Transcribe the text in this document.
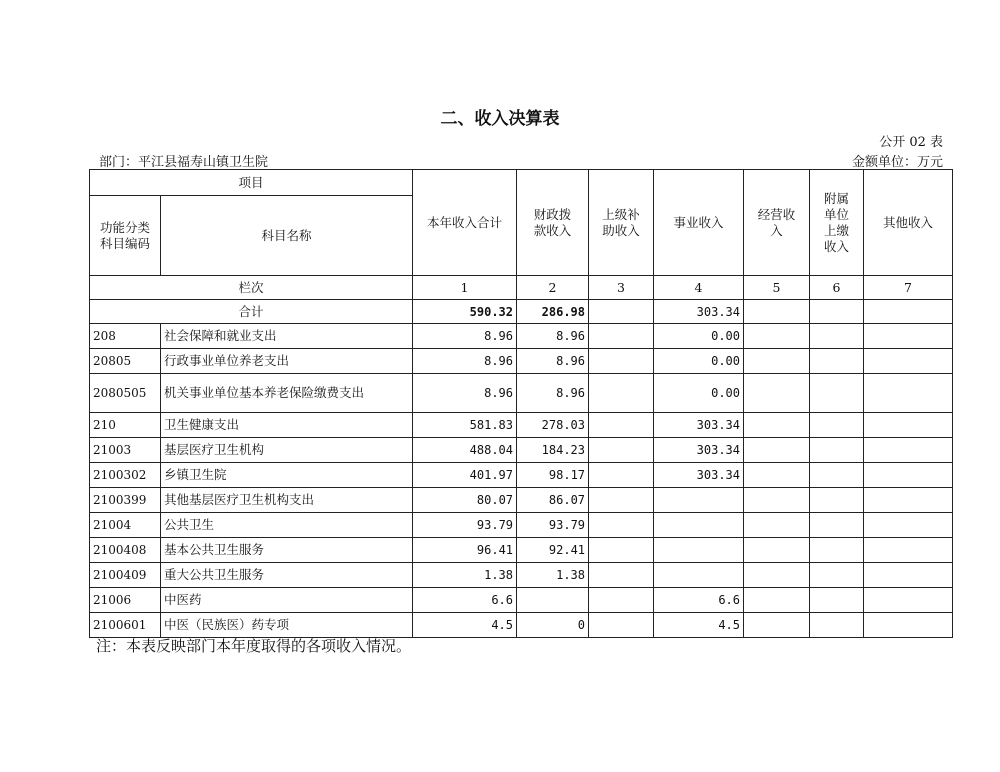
二、收入决算表
公开 02 表
部门：平江县福寿山镇卫生院	金额单位：万元
项目		本年收入合计	财政拨款收入	上级补助收入	事业收入	经营收入	附属单位上缴收入	其他收入
功能分类科目编码	科目名称							
栏次		1	2	3	4	5	6	7
合计		590.32	286.98		303.34			
208	社会保障和就业支出	8.96	8.96		0.00			
20805	行政事业单位养老支出	8.96	8.96		0.00			
2080505	机关事业单位基本养老保险缴费支出	8.96	8.96		0.00			
210	卫生健康支出	581.83	278.03		303.34			
21003	基层医疗卫生机构	488.04	184.23		303.34			
2100302	乡镇卫生院	401.97	98.17		303.34			
2100399	其他基层医疗卫生机构支出	80.07	86.07					
21004	公共卫生	93.79	93.79					
2100408	基本公共卫生服务	96.41	92.41					
2100409	重大公共卫生服务	1.38	1.38					
21006	中医药	6.6			6.6			
2100601	中医（民族医）药专项	4.5	0		4.5			
注：本表反映部门本年度取得的各项收入情况。
